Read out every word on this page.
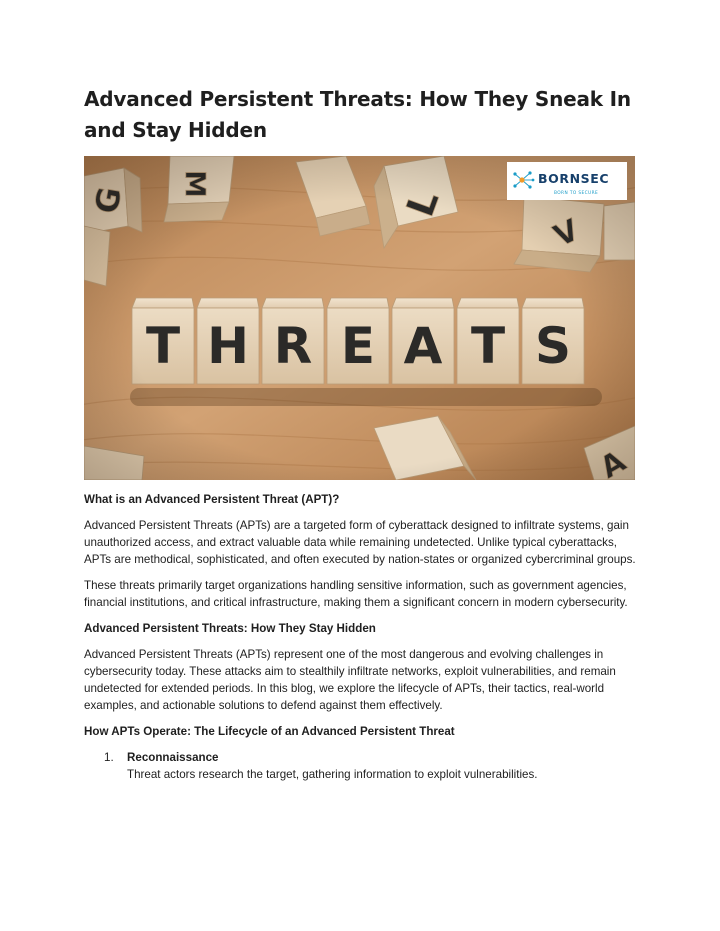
Advanced Persistent Threats: How They Sneak In and Stay Hidden
BORNSEC
BORN TO SECURE
What is an Advanced Persistent Threat (APT)?

Advanced Persistent Threats (APTs) are a targeted form of cyberattack designed to infiltrate systems, gain unauthorized access, and extract valuable data while remaining undetected. Unlike typical cyberattacks, APTs are methodical, sophisticated, and often executed by nation-states or organized cybercriminal groups.

These threats primarily target organizations handling sensitive information, such as government agencies, financial institutions, and critical infrastructure, making them a significant concern in modern cybersecurity.

Advanced Persistent Threats: How They Stay Hidden

Advanced Persistent Threats (APTs) represent one of the most dangerous and evolving challenges in cybersecurity today. These attacks aim to stealthily infiltrate networks, exploit vulnerabilities, and remain undetected for extended periods. In this blog, we explore the lifecycle of APTs, their tactics, real-world examples, and actionable solutions to defend against them effectively.

How APTs Operate: The Lifecycle of an Advanced Persistent Threat
1. Reconnaissance
Threat actors research the target, gathering information to exploit vulnerabilities.
